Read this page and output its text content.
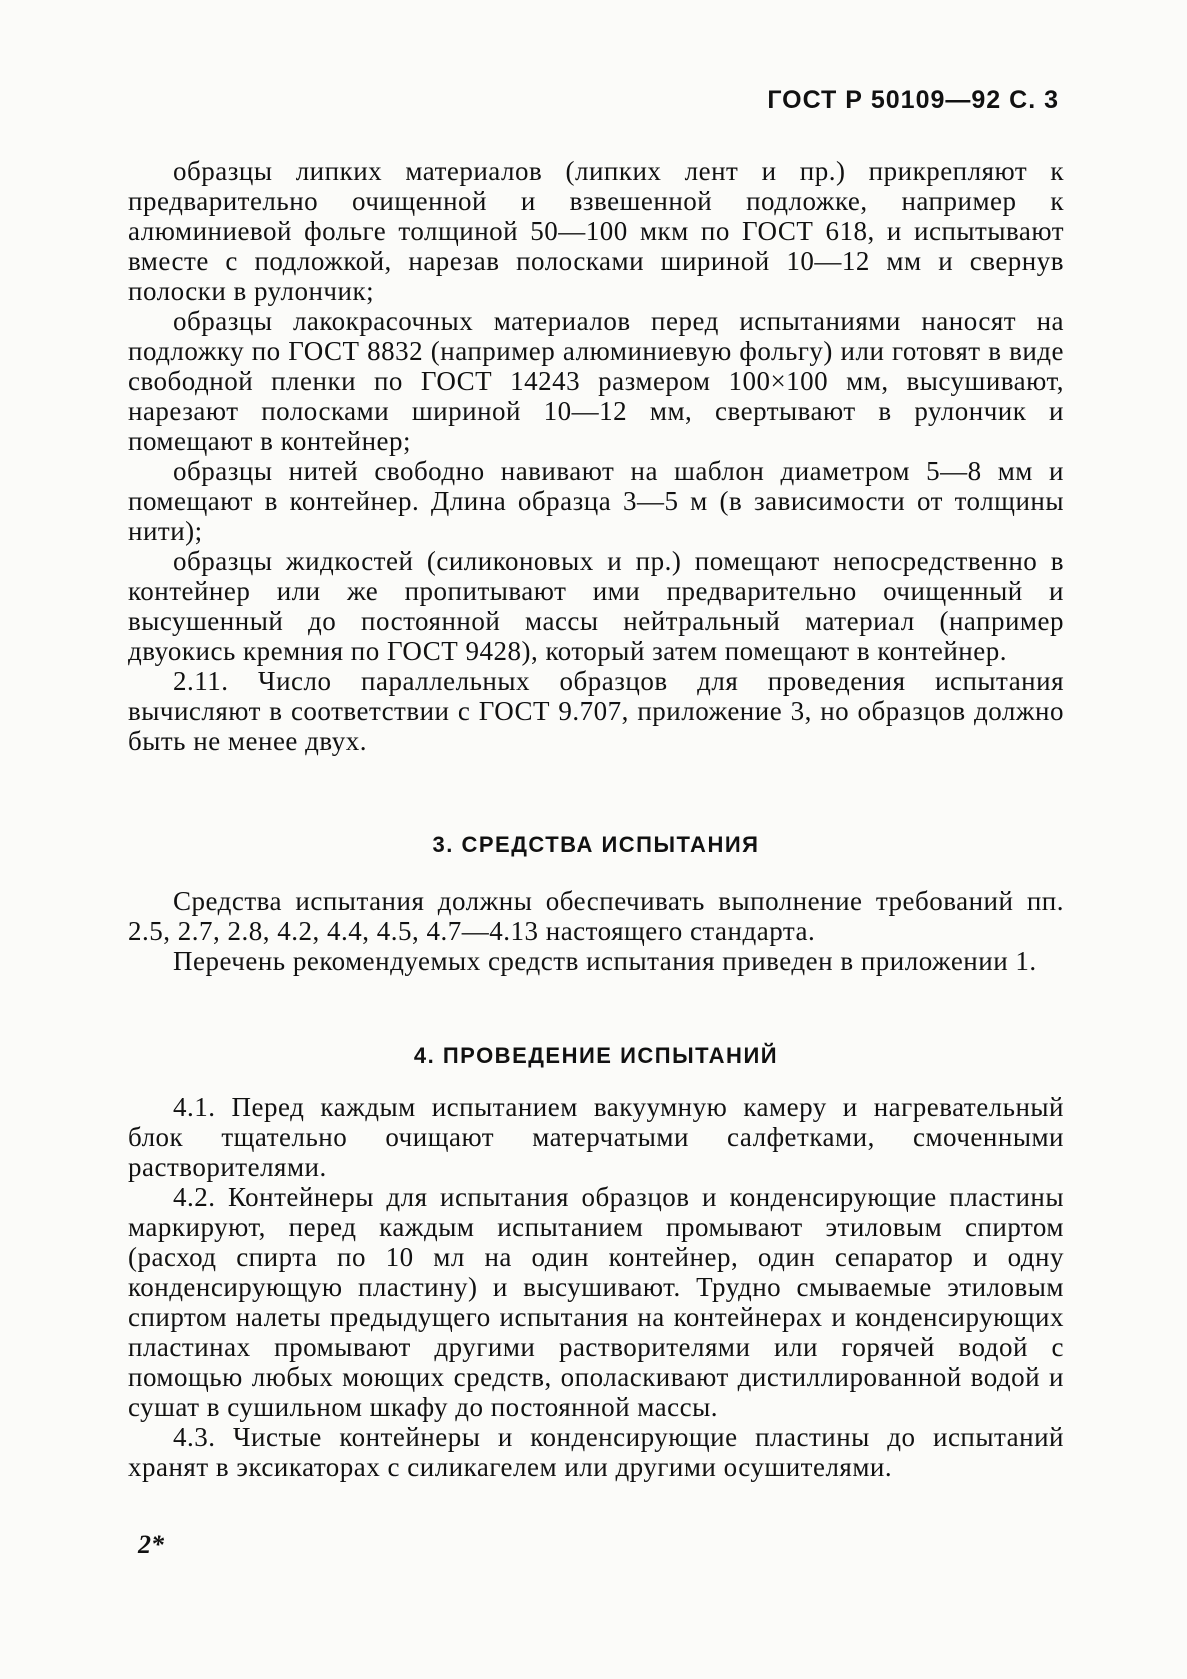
ГОСТ Р 50109—92 С. 3

образцы липких материалов (липких лент и пр.) прикрепляют к предварительно очищенной и взвешенной подложке, например к алюминиевой фольге толщиной 50—100 мкм по ГОСТ 618, и испытывают вместе с подложкой, нарезав полосками шириной 10—12 мм и свернув полоски в рулончик;

образцы лакокрасочных материалов перед испытаниями наносят на подложку по ГОСТ 8832 (например алюминиевую фольгу) или готовят в виде свободной пленки по ГОСТ 14243 размером 100×100 мм, высушивают, нарезают полосками шириной 10—12 мм, свертывают в рулончик и помещают в контейнер;

образцы нитей свободно навивают на шаблон диаметром 5—8 мм и помещают в контейнер. Длина образца 3—5 м (в зависимости от толщины нити);

образцы жидкостей (силиконовых и пр.) помещают непосредственно в контейнер или же пропитывают ими предварительно очищенный и высушенный до постоянной массы нейтральный материал (например двуокись кремния по ГОСТ 9428), который затем помещают в контейнер.

2.11. Число параллельных образцов для проведения испытания вычисляют в соответствии с ГОСТ 9.707, приложение 3, но образцов должно быть не менее двух.

3. СРЕДСТВА ИСПЫТАНИЯ

Средства испытания должны обеспечивать выполнение требований пп. 2.5, 2.7, 2.8, 4.2, 4.4, 4.5, 4.7—4.13 настоящего стандарта.

Перечень рекомендуемых средств испытания приведен в приложении 1.

4. ПРОВЕДЕНИЕ ИСПЫТАНИЙ

4.1. Перед каждым испытанием вакуумную камеру и нагревательный блок тщательно очищают матерчатыми салфетками, смоченными растворителями.

4.2. Контейнеры для испытания образцов и конденсирующие пластины маркируют, перед каждым испытанием промывают этиловым спиртом (расход спирта по 10 мл на один контейнер, один сепаратор и одну конденсирующую пластину) и высушивают. Трудно смываемые этиловым спиртом налеты предыдущего испытания на контейнерах и конденсирующих пластинах промывают другими растворителями или горячей водой с помощью любых моющих средств, ополаскивают дистиллированной водой и сушат в сушильном шкафу до постоянной массы.

4.3. Чистые контейнеры и конденсирующие пластины до испытаний хранят в эксикаторах с силикагелем или другими осушителями.

2*
